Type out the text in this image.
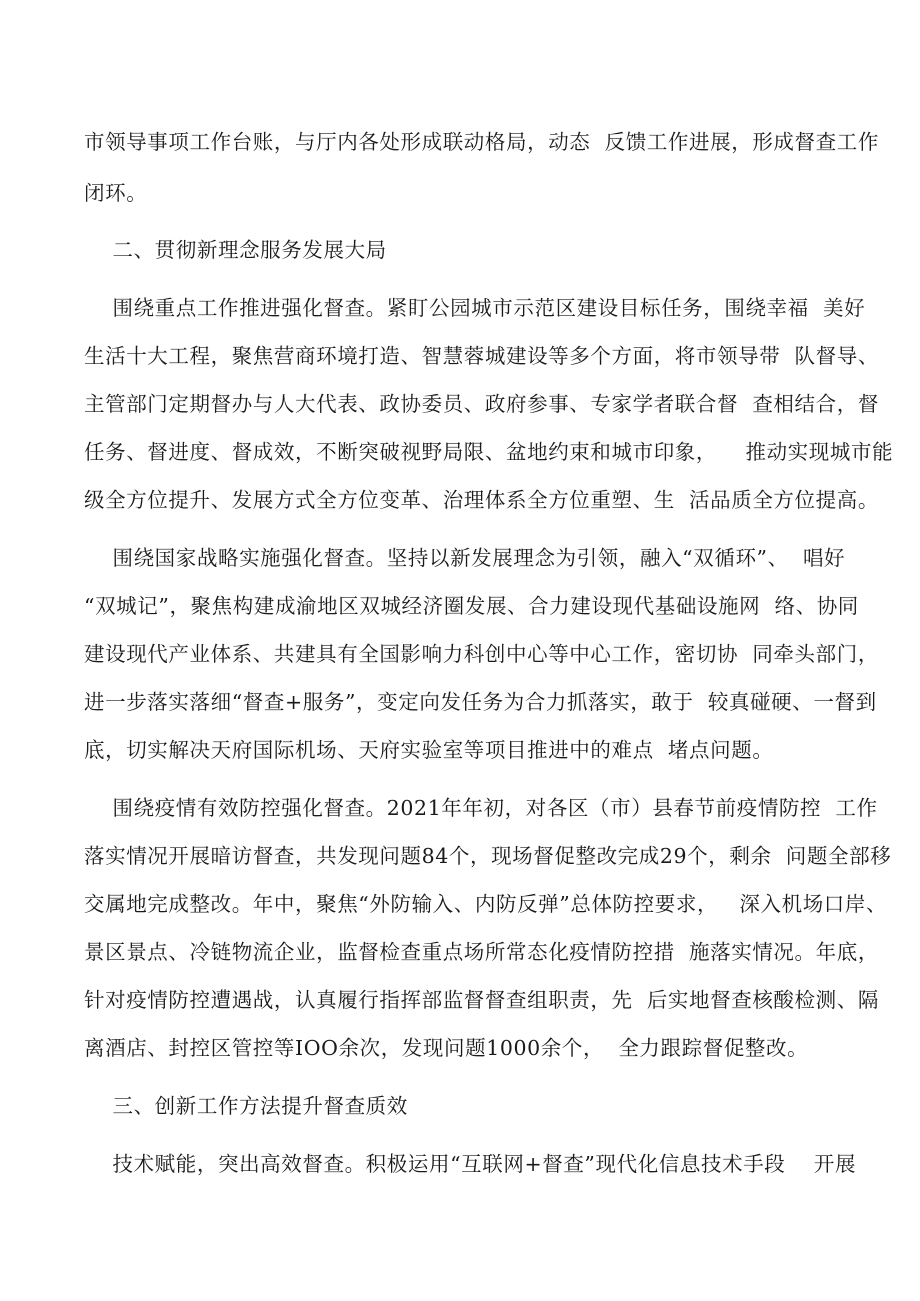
市领导事项工作台账，与厅内各处形成联动格局，动态  反馈工作进展，形成督查工作
闭环。
二、贯彻新理念服务发展大局
围绕重点工作推进强化督查。紧盯公园城市示范区建设目标任务，围绕幸福  美好
生活十大工程，聚焦营商环境打造、智慧蓉城建设等多个方面，将市领导带  队督导、
主管部门定期督办与人大代表、政协委员、政府参事、专家学者联合督  查相结合，督
任务、督进度、督成效，不断突破视野局限、盆地约束和城市印象，    推动实现城市能
级全方位提升、发展方式全方位变革、治理体系全方位重塑、生  活品质全方位提高。
围绕国家战略实施强化督查。坚持以新发展理念为引领，融入“双循环”、  唱好
“双城记”，聚焦构建成渝地区双城经济圈发展、合力建设现代基础设施网  络、协同
建设现代产业体系、共建具有全国影响力科创中心等中心工作，密切协  同牵头部门，
进一步落实落细“督查+服务”，变定向发任务为合力抓落实，敢于  较真碰硬、一督到
底，切实解决天府国际机场、天府实验室等项目推进中的难点  堵点问题。
围绕疫情有效防控强化督查。2021年年初，对各区（市）县春节前疫情防控  工作
落实情况开展暗访督查，共发现问题84个，现场督促整改完成29个，剩余  问题全部移
交属地完成整改。年中，聚焦“外防输入、内防反弹”总体防控要求，   深入机场口岸、
景区景点、冷链物流企业，监督检查重点场所常态化疫情防控措  施落实情况。年底，
针对疫情防控遭遇战，认真履行指挥部监督督查组职责，先  后实地督查核酸检测、隔
离酒店、封控区管控等IOO余次，发现问题1000余个，  全力跟踪督促整改。
三、创新工作方法提升督查质效
技术赋能，突出高效督查。积极运用“互联网+督查”现代化信息技术手段    开展
